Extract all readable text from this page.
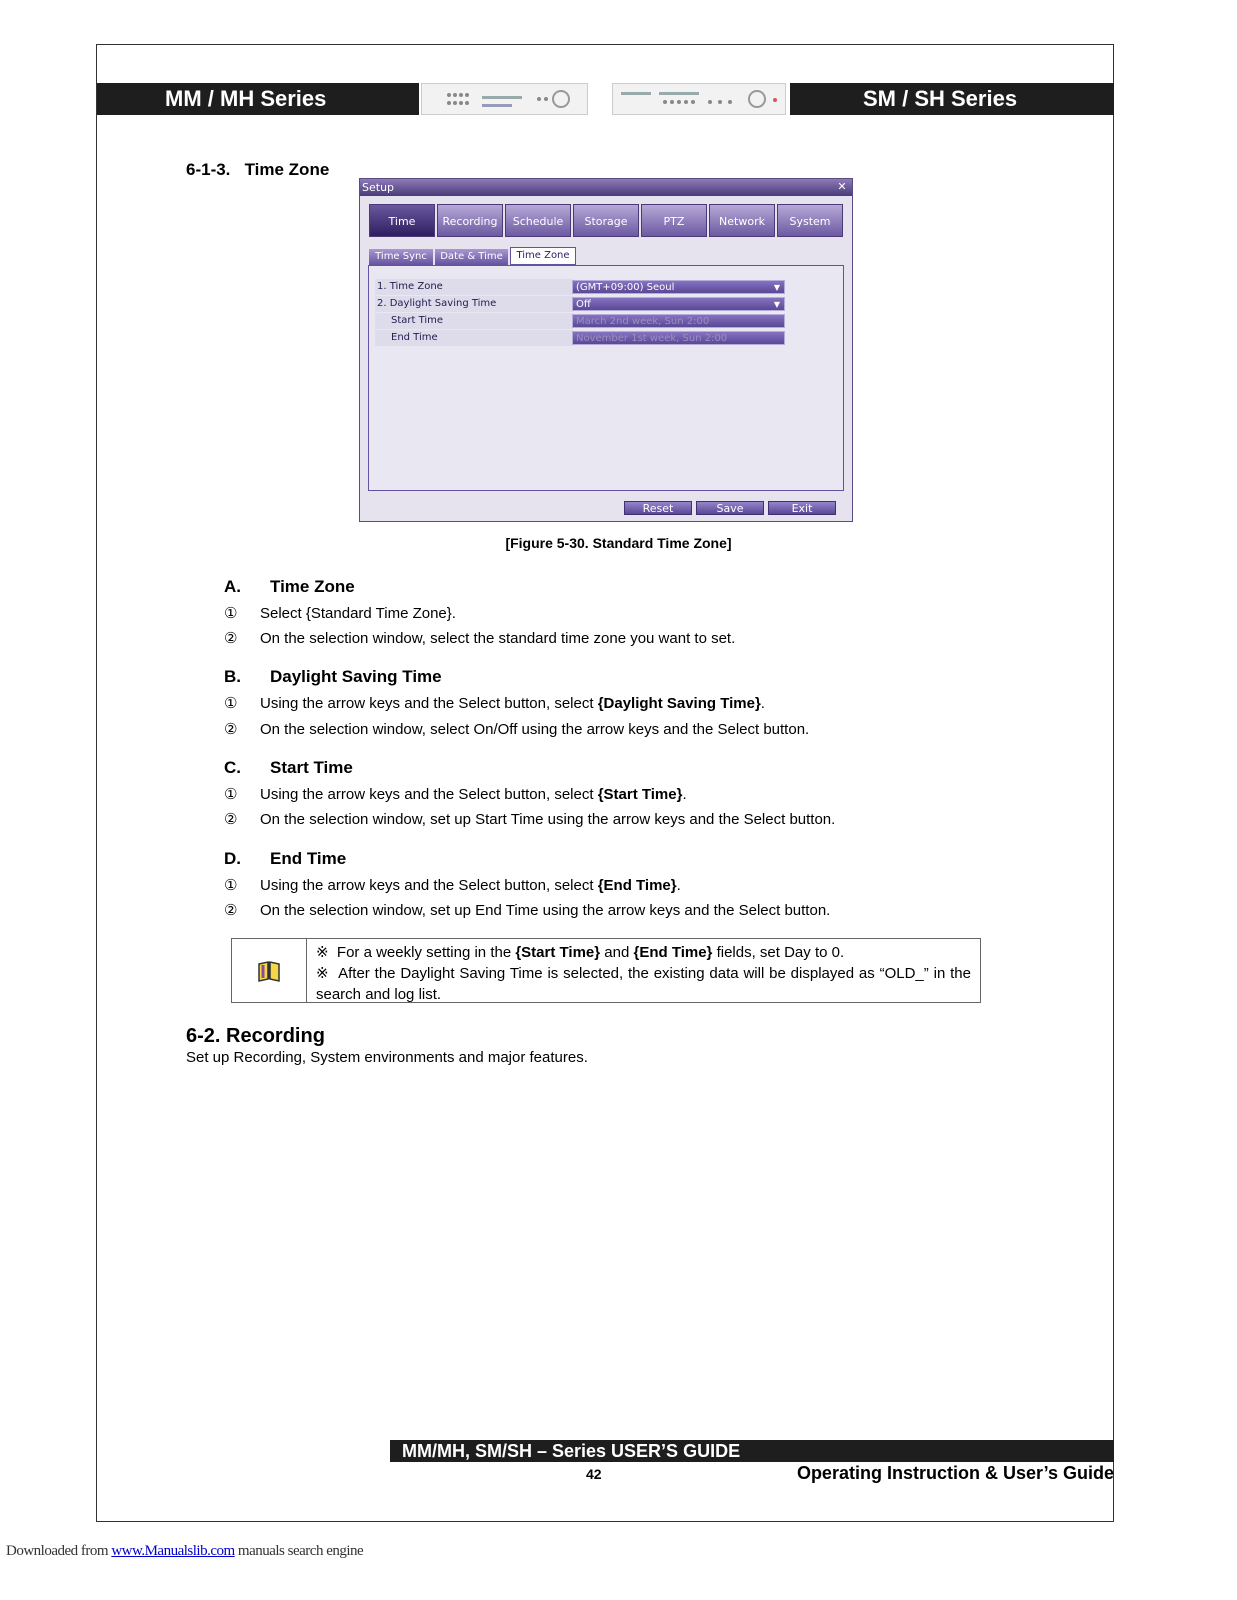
MM / MH Series	SM / SH Series
6-1-3.   Time Zone
Setup	✕
Time	Recording	Schedule	Storage	PTZ	Network	System
Time Sync	Date & Time	Time Zone
1. Time Zone	(GMT+09:00) Seoul	▼
2. Daylight Saving Time	Off	▼
Start Time	March 2nd week, Sun 2:00
End Time	November 1st week, Sun 2:00
Reset	Save	Exit
[Figure 5-30. Standard Time Zone]
A. Time Zone
① Select {Standard Time Zone}.
② On the selection window, select the standard time zone you want to set.
B. Daylight Saving Time
① Using the arrow keys and the Select button, select {Daylight Saving Time}.
② On the selection window, select On/Off using the arrow keys and the Select button.
C. Start Time
① Using the arrow keys and the Select button, select {Start Time}.
② On the selection window, set up Start Time using the arrow keys and the Select button.
D. End Time
① Using the arrow keys and the Select button, select {End Time}.
② On the selection window, set up End Time using the arrow keys and the Select button.
※ For a weekly setting in the {Start Time} and {End Time} fields, set Day to 0.
※ After the Daylight Saving Time is selected, the existing data will be displayed as “OLD_” in the search and log list.
6-2. Recording
Set up Recording, System environments and major features.
MM/MH, SM/SH – Series USER’S GUIDE
42	Operating Instruction & User’s Guide
Downloaded from www.Manualslib.com manuals search engine
